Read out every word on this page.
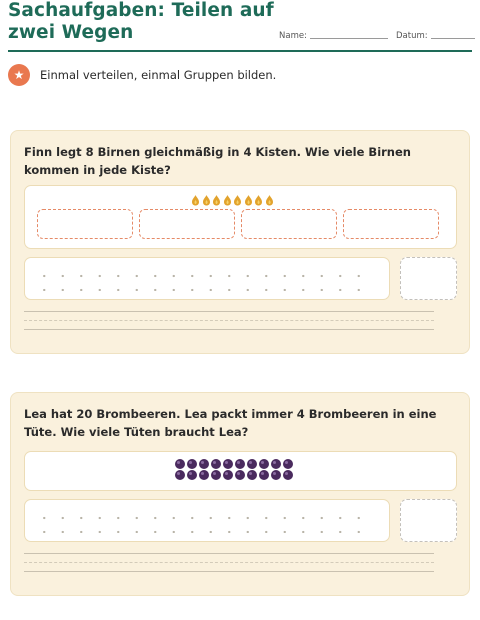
Sachaufgaben: Teilen auf
zwei Wegen	Name:	Datum:
★	Einmal verteilen, einmal Gruppen bilden.
Finn legt 8 Birnen gleichmäßig in 4 Kisten. Wie viele Birnen kommen in jede Kiste?
Lea hat 20 Brombeeren. Lea packt immer 4 Brombeeren in eine Tüte. Wie viele Tüten braucht Lea?
